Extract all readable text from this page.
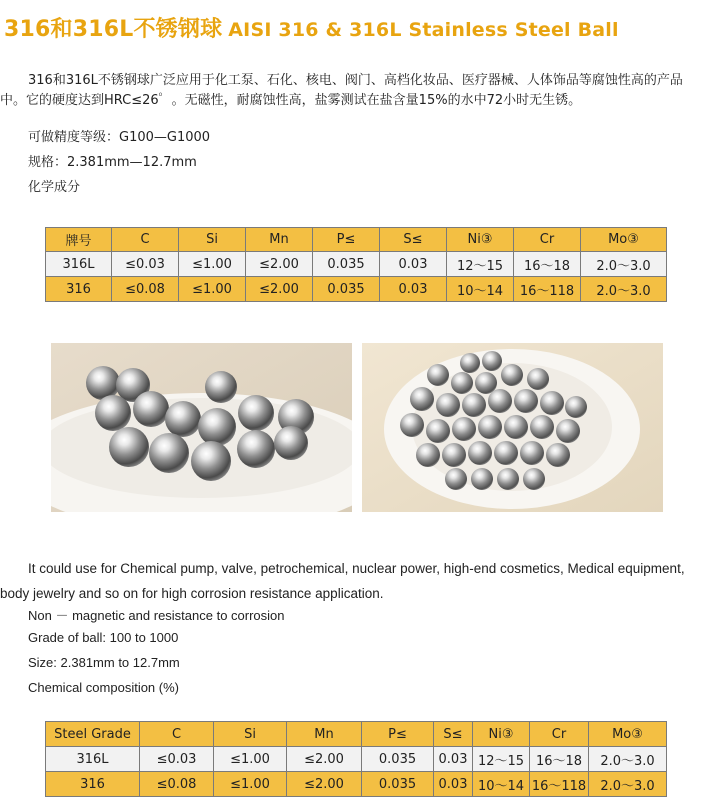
316和316L不锈钢球 AISI 316 & 316L Stainless Steel Ball

316和316L不锈钢球广泛应用于化工泵、石化、核电、阀门、高档化妆品、医疗器械、人体饰品等腐蚀性高的产品中。它的硬度达到HRC≤26゜。无磁性，耐腐蚀性高，盐雾测试在盐含量15%的水中72小时无生锈。

可做精度等级：G100—G1000

规格：2.381mm—12.7mm

化学成分

牌号	C	Si	Mn	P≤	S≤	Ni③	Cr	Mo③
316L	≤0.03	≤1.00	≤2.00	0.035	0.03	12～15	16～18	2.0～3.0
316	≤0.08	≤1.00	≤2.00	0.035	0.03	10～14	16～118	2.0～3.0

It could use for Chemical pump, valve, petrochemical, nuclear power, high-end cosmetics, Medical equipment, body jewelry and so on for high corrosion resistance application.

Non － magnetic and resistance to corrosion

Grade of ball: 100 to 1000

Size: 2.381mm to 12.7mm

Chemical composition (%)

Steel Grade	C	Si	Mn	P≤	S≤	Ni③	Cr	Mo③
316L	≤0.03	≤1.00	≤2.00	0.035	0.03	12～15	16～18	2.0～3.0
316	≤0.08	≤1.00	≤2.00	0.035	0.03	10～14	16～118	2.0～3.0
